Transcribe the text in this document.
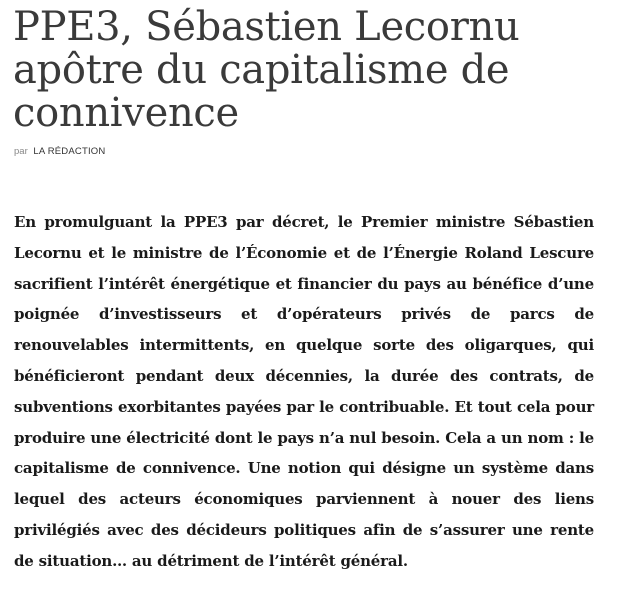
PPE3, Sébastien Lecornu apôtre du capitalisme de connivence
par LA RÉDACTION

En promulguant la PPE3 par décret, le Premier ministre Sébastien Lecornu et le ministre de l’Économie et de l’Énergie Roland Lescure sacrifient l’intérêt énergétique et financier du pays au bénéfice d’une poignée d’investisseurs et d’opérateurs privés de parcs de renouvelables intermittents, en quelque sorte des oligarques, qui bénéficieront pendant deux décennies, la durée des contrats, de subventions exorbitantes payées par le contribuable. Et tout cela pour produire une électricité dont le pays n’a nul besoin. Cela a un nom : le capitalisme de connivence. Une notion qui désigne un système dans lequel des acteurs économiques parviennent à nouer des liens privilégiés avec des décideurs politiques afin de s’assurer une rente de situation… au détriment de l’intérêt général.
